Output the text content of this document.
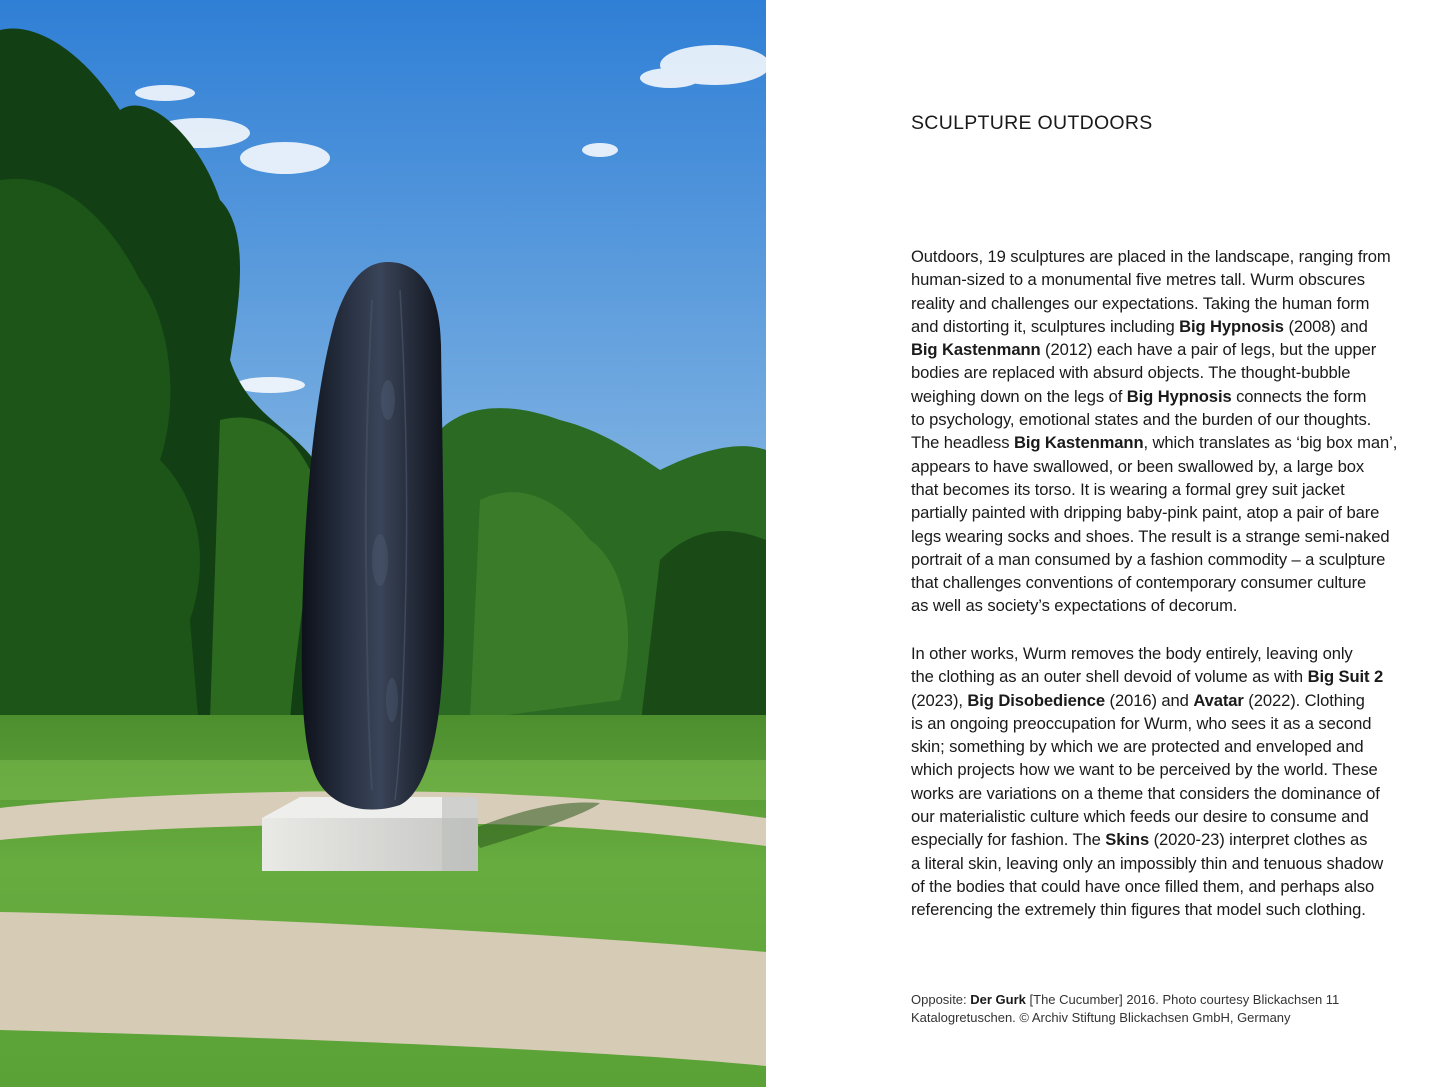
SCULPTURE OUTDOORS

Outdoors, 19 sculptures are placed in the landscape, ranging from
human-sized to a monumental five metres tall. Wurm obscures
reality and challenges our expectations. Taking the human form
and distorting it, sculptures including Big Hypnosis (2008) and
Big Kastenmann (2012) each have a pair of legs, but the upper
bodies are replaced with absurd objects. The thought-bubble
weighing down on the legs of Big Hypnosis connects the form
to psychology, emotional states and the burden of our thoughts.
The headless Big Kastenmann, which translates as ‘big box man’,
appears to have swallowed, or been swallowed by, a large box
that becomes its torso. It is wearing a formal grey suit jacket
partially painted with dripping baby-pink paint, atop a pair of bare
legs wearing socks and shoes. The result is a strange semi-naked
portrait of a man consumed by a fashion commodity – a sculpture
that challenges conventions of contemporary consumer culture
as well as society’s expectations of decorum.

In other works, Wurm removes the body entirely, leaving only
the clothing as an outer shell devoid of volume as with Big Suit 2
(2023), Big Disobedience (2016) and Avatar (2022). Clothing
is an ongoing preoccupation for Wurm, who sees it as a second
skin; something by which we are protected and enveloped and
which projects how we want to be perceived by the world. These
works are variations on a theme that considers the dominance of
our materialistic culture which feeds our desire to consume and
especially for fashion. The Skins (2020-23) interpret clothes as
a literal skin, leaving only an impossibly thin and tenuous shadow
of the bodies that could have once filled them, and perhaps also
referencing the extremely thin figures that model such clothing.

Opposite: Der Gurk [The Cucumber] 2016. Photo courtesy Blickachsen 11
Katalogretuschen. © Archiv Stiftung Blickachsen GmbH, Germany
